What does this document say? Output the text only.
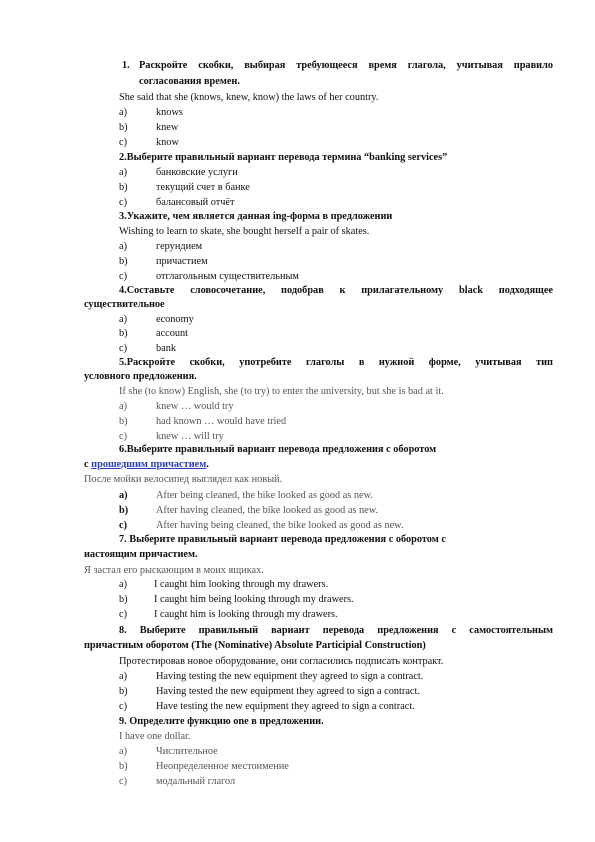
1. Раскройте скобки, выбирая требующееся время глагола, учитывая правило
согласования времен.
She said that she (knows, knew, know) the laws of her country.
a)	knows
b)	knew
c)	know
2.Выберите правильный вариант перевода термина “banking services”
a)	банковские услуги
b)	текущий счет в банке
c)	балансовый отчёт
3.Укажите, чем является данная ing-форма в предложении
Wishing to learn to skate, she bought herself a pair of skates.
a)	герундием
b)	причастием
c)	отглагольным существительным
4.Составьте словосочетание, подобрав к прилагательному black подходящее
существительное
a)	economy
b)	account
c)	bank
5.Раскройте скобки, употребите глаголы в нужной форме, учитывая тип
условного предложения.
If she (to know) English, she (to try) to enter the university, but she is bad at it.
a)	knew … would try
b)	had known … would have tried
c)	knew … will try
6.Выберите правильный вариант перевода предложения с оборотом
с прошедшим причастием.
После мойки велосипед выглядел как новый.
a)	After being cleaned, the bike looked as good as new.
b)	After having cleaned, the bike looked as good as new.
c)	After having being cleaned, the bike looked as good as new.
7. Выберите правильный вариант перевода предложения с оборотом с
настоящим причастием.
Я застал его рыскающим в моих ящиках.
a)	I caught him looking through my drawers.
b)	I caught him being looking through my drawers.
c)	I caught him is looking through my drawers.
8. Выберите правильный вариант перевода предложения с самостоятельным
причастным оборотом (The (Nominative) Absolute Participial Construction)
Протестировав новое оборудование, они согласились подписать контракт.
a)	Having testing the new equipment they agreed to sign a contract.
b)	Having tested the new equipment they agreed to sign a contract.
c)	Have testing the new equipment they agreed to sign a contract.
9. Определите функцию one в предложении.
I have one dollar.
a)	Числительное
b)	Неопределенное местоимение
c)	модальный глагол
